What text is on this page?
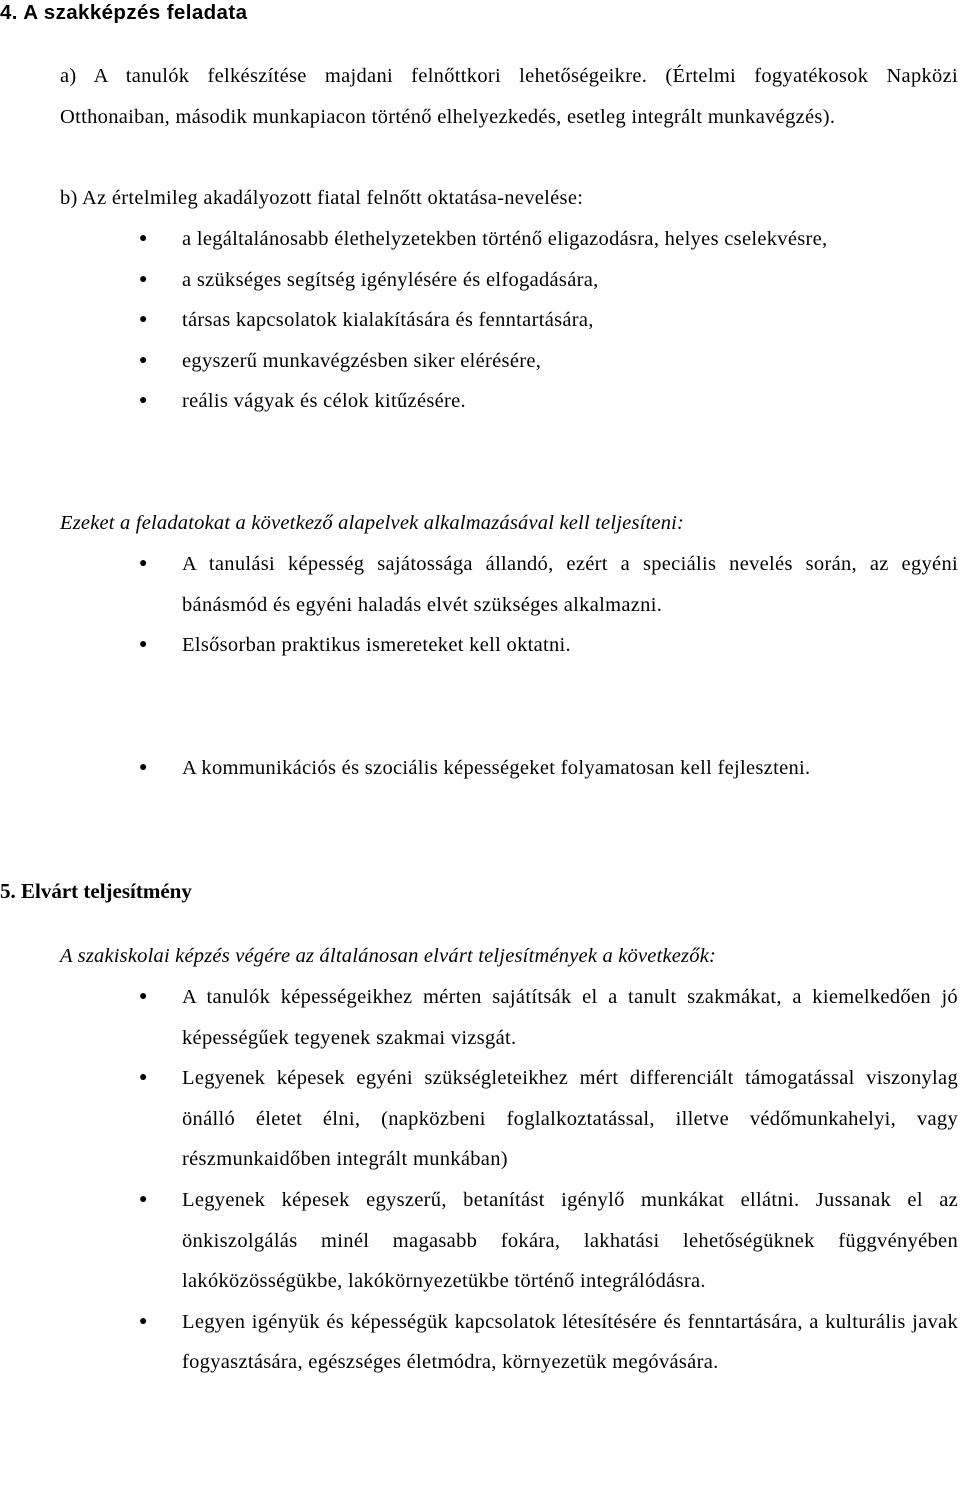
4. A szakképzés feladata
a) A tanulók felkészítése majdani felnőttkori lehetőségeikre. (Értelmi fogyatékosok Napközi Otthonaiban, második munkapiacon történő elhelyezkedés, esetleg integrált munkavégzés).
b) Az értelmileg akadályozott fiatal felnőtt oktatása-nevelése:
● a legáltalánosabb élethelyzetekben történő eligazodásra, helyes cselekvésre,
● a szükséges segítség igénylésére és elfogadására,
● társas kapcsolatok kialakítására és fenntartására,
● egyszerű munkavégzésben siker elérésére,
● reális vágyak és célok kitűzésére.
Ezeket a feladatokat a következő alapelvek alkalmazásával kell teljesíteni:
● A tanulási képesség sajátossága állandó, ezért a speciális nevelés során, az egyéni bánásmód és egyéni haladás elvét szükséges alkalmazni.
● Elsősorban praktikus ismereteket kell oktatni.
● A kommunikációs és szociális képességeket folyamatosan kell fejleszteni.
5. Elvárt teljesítmény
A szakiskolai képzés végére az általánosan elvárt teljesítmények a következők:
● A tanulók képességeikhez mérten sajátítsák el a tanult szakmákat, a kiemelkedően jó képességűek tegyenek szakmai vizsgát.
● Legyenek képesek egyéni szükségleteikhez mért differenciált támogatással viszonylag önálló életet élni, (napközbeni foglalkoztatással, illetve védőmunkahelyi, vagy részmunkaidőben integrált munkában)
● Legyenek képesek egyszerű, betanítást igénylő munkákat ellátni. Jussanak el az önkiszolgálás minél magasabb fokára, lakhatási lehetőségüknek függvényében lakóközösségükbe, lakókörnyezetükbe történő integrálódásra.
● Legyen igényük és képességük kapcsolatok létesítésére és fenntartására, a kulturális javak fogyasztására, egészséges életmódra, környezetük megóvására.
